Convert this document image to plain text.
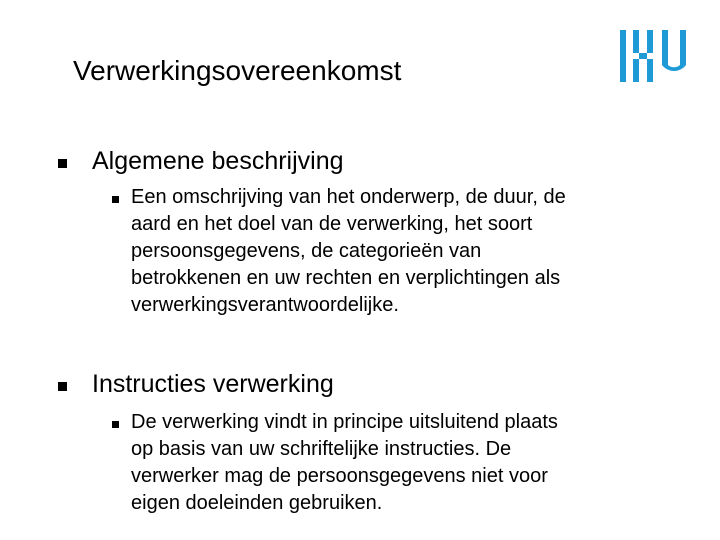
Verwerkingsovereenkomst
Algemene beschrijving
Een omschrijving van het onderwerp, de duur, de
aard en het doel van de verwerking, het soort
persoonsgegevens, de categorieën van
betrokkenen en uw rechten en verplichtingen als
verwerkingsverantwoordelijke.
Instructies verwerking
De verwerking vindt in principe uitsluitend plaats
op basis van uw schriftelijke instructies. De
verwerker mag de persoonsgegevens niet voor
eigen doeleinden gebruiken.
